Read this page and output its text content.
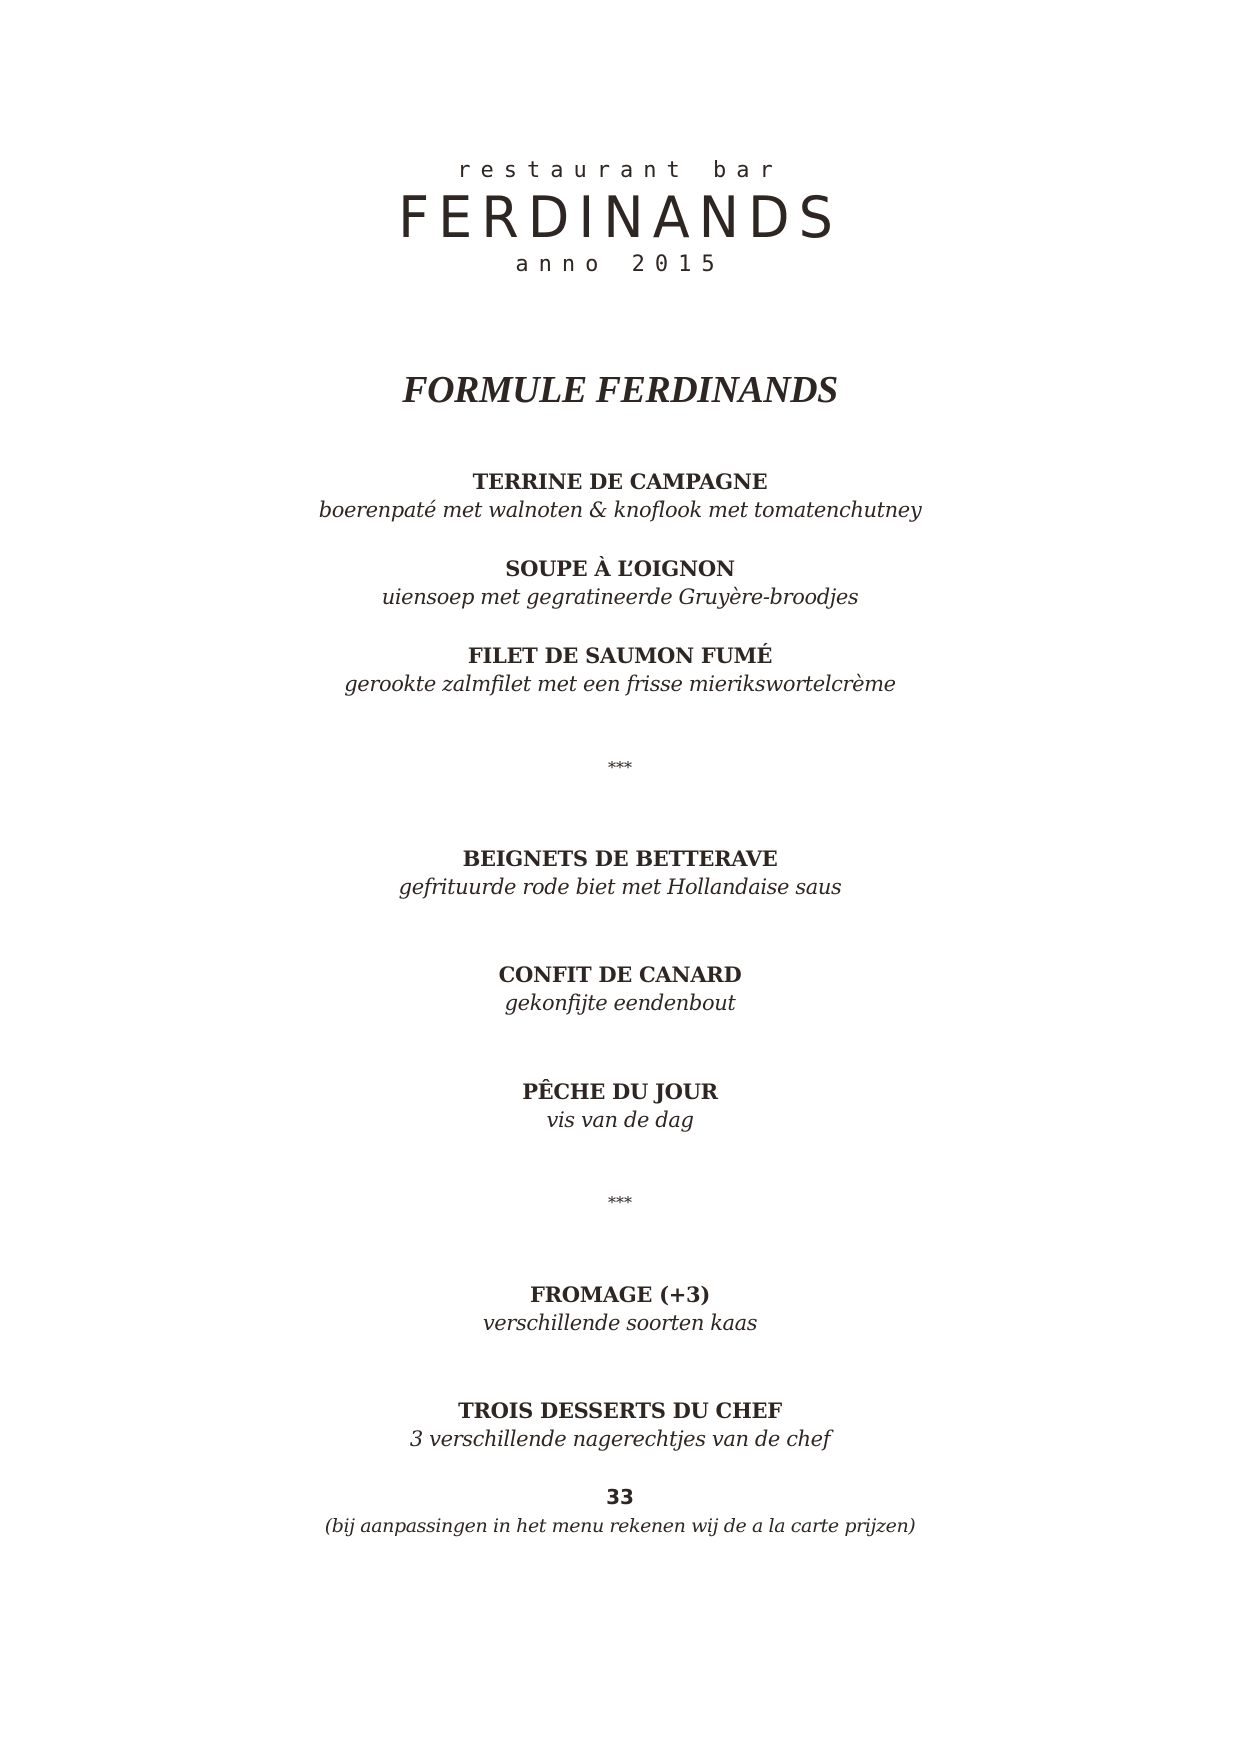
restaurant bar
FERDINANDS
anno 2015
FORMULE FERDINANDS
TERRINE DE CAMPAGNE
boerenpaté met walnoten & knoflook met tomatenchutney
SOUPE À L’OIGNON
uiensoep met gegratineerde Gruyère-broodjes
FILET DE SAUMON FUMÉ
gerookte zalmfilet met een frisse mierikswortelcrème
***
BEIGNETS DE BETTERAVE
gefrituurde rode biet met Hollandaise saus
CONFIT DE CANARD
gekonfijte eendenbout
PÊCHE DU JOUR
vis van de dag
***
FROMAGE (+3)
verschillende soorten kaas
TROIS DESSERTS DU CHEF
3 verschillende nagerechtjes van de chef
33
(bij aanpassingen in het menu rekenen wij de a la carte prijzen)
